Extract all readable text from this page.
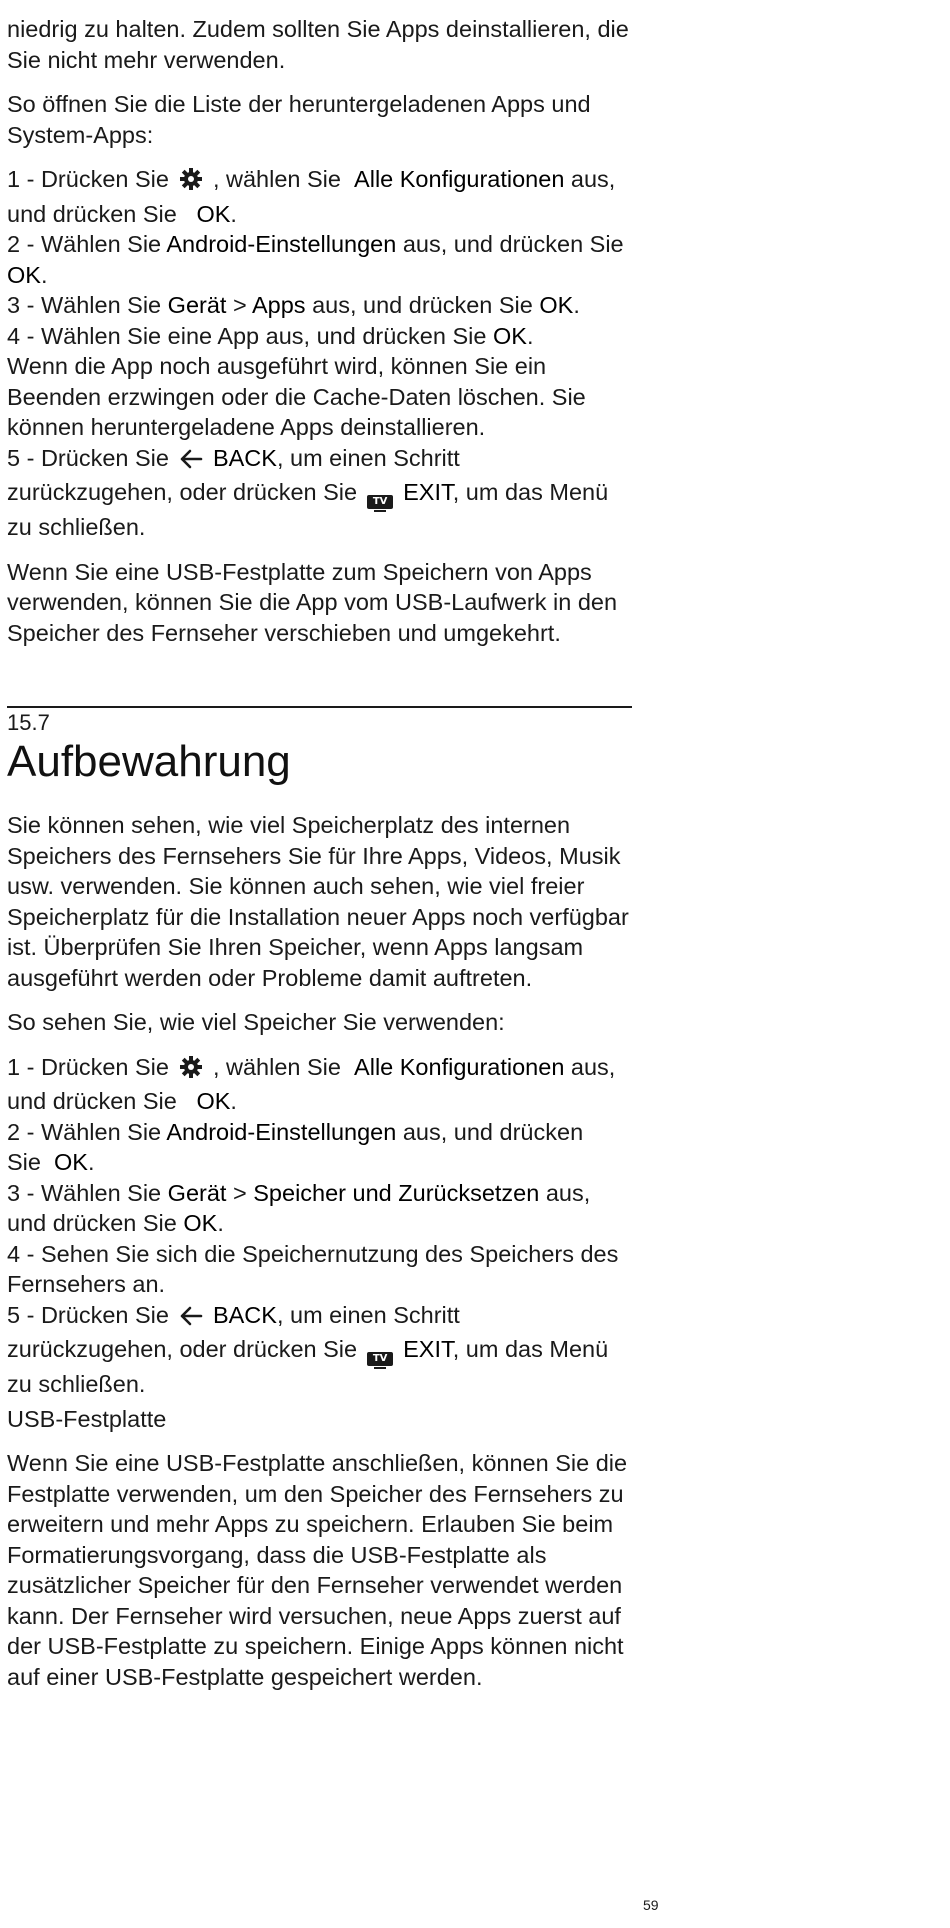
niedrig zu halten. Zudem sollten Sie Apps deinstallieren, die Sie nicht mehr verwenden.

So öffnen Sie die Liste der heruntergeladenen Apps und System-Apps:

1 - Drücken Sie , wählen Sie Alle Konfigurationen aus, und drücken Sie OK.
2 - Wählen Sie Android-Einstellungen aus, und drücken Sie OK.
3 - Wählen Sie Gerät > Apps aus, und drücken Sie OK.
4 - Wählen Sie eine App aus, und drücken Sie OK.
Wenn die App noch ausgeführt wird, können Sie ein Beenden erzwingen oder die Cache-Daten löschen. Sie können heruntergeladene Apps deinstallieren.
5 - Drücken Sie BACK, um einen Schritt zurückzugehen, oder drücken Sie	TV EXIT, um das Menü zu schließen.

Wenn Sie eine USB-Festplatte zum Speichern von Apps verwenden, können Sie die App vom USB-Laufwerk in den Speicher des Fernseher verschieben und umgekehrt.

15.7
Aufbewahrung

Sie können sehen, wie viel Speicherplatz des internen Speichers des Fernsehers Sie für Ihre Apps, Videos, Musik usw. verwenden. Sie können auch sehen, wie viel freier Speicherplatz für die Installation neuer Apps noch verfügbar ist. Überprüfen Sie Ihren Speicher, wenn Apps langsam ausgeführt werden oder Probleme damit auftreten.

So sehen Sie, wie viel Speicher Sie verwenden:

1 - Drücken Sie , wählen Sie Alle Konfigurationen aus, und drücken Sie OK.
2 - Wählen Sie Android-Einstellungen aus, und drücken Sie OK.
3 - Wählen Sie Gerät > Speicher und Zurücksetzen aus, und drücken Sie OK.
4 - Sehen Sie sich die Speichernutzung des Speichers des Fernsehers an.
5 - Drücken Sie BACK, um einen Schritt zurückzugehen, oder drücken Sie	TV EXIT, um das Menü zu schließen.
USB-Festplatte

Wenn Sie eine USB-Festplatte anschließen, können Sie die Festplatte verwenden, um den Speicher des Fernsehers zu erweitern und mehr Apps zu speichern. Erlauben Sie beim Formatierungsvorgang, dass die USB-Festplatte als zusätzlicher Speicher für den Fernseher verwendet werden kann. Der Fernseher wird versuchen, neue Apps zuerst auf der USB-Festplatte zu speichern. Einige Apps können nicht auf einer USB-Festplatte gespeichert werden.

59
